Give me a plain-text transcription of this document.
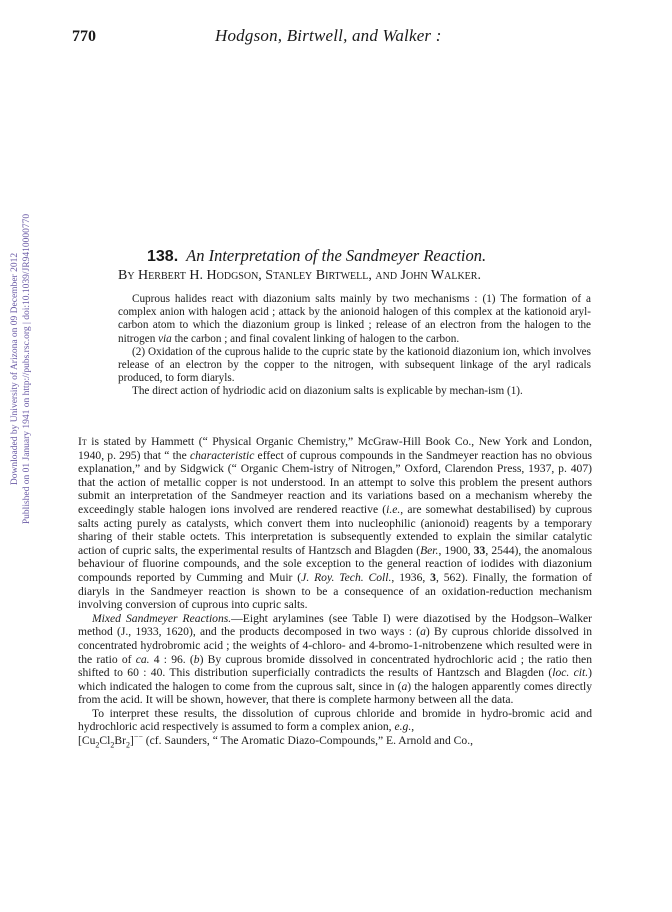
770	Hodgson, Birtwell, and Walker :
Downloaded by University of Arizona on 09 December 2012 Published on 01 January 1941 on http://pubs.rsc.org | doi:10.1039/JR9410000770	138. An Interpretation of the Sandmeyer Reaction.
By Herbert H. Hodgson, Stanley Birtwell, and John Walker.

Cuprous halides react with diazonium salts mainly by two mechanisms : (1) The formation of a complex anion with halogen acid ; attack by the anionoid halogen of this complex at the kationoid aryl-carbon atom to which the diazonium group is linked ; release of an electron from the halogen to the nitrogen via the carbon ; and final covalent linking of halogen to the carbon.

(2) Oxidation of the cuprous halide to the cupric state by the kationoid diazonium ion, which involves release of an electron by the copper to the nitrogen, with subsequent linkage of the aryl radicals produced, to form diaryls.

The direct action of hydriodic acid on diazonium salts is explicable by mechan-ism (1).

It is stated by Hammett (“ Physical Organic Chemistry,” McGraw-Hill Book Co., New York and London, 1940, p. 295) that “ the characteristic effect of cuprous compounds in the Sandmeyer reaction has no obvious explanation,” and by Sidgwick (“ Organic Chem-istry of Nitrogen,” Oxford, Clarendon Press, 1937, p. 407) that the action of metallic copper is not understood. In an attempt to solve this problem the present authors submit an interpretation of the Sandmeyer reaction and its variations based on a mechanism whereby the exceedingly stable halogen ions involved are rendered reactive (i.e., are somewhat destabilised) by cuprous salts acting purely as catalysts, which convert them into nucleophilic (anionoid) reagents by a temporary sharing of their stable octets. This interpretation is subsequently extended to explain the similar catalytic action of cupric salts, the experimental results of Hantzsch and Blagden (Ber., 1900, 33, 2544), the anomalous behaviour of fluorine compounds, and the sole exception to the general reaction of iodides with diazonium compounds reported by Cumming and Muir (J. Roy. Tech. Coll., 1936, 3, 562). Finally, the formation of diaryls in the Sandmeyer reaction is shown to be a consequence of an oxidation-reduction mechanism involving conversion of cuprous into cupric salts.

Mixed Sandmeyer Reactions.—Eight arylamines (see Table I) were diazotised by the Hodgson–Walker method (J., 1933, 1620), and the products decomposed in two ways : (a) By cuprous chloride dissolved in concentrated hydrobromic acid ; the weights of 4-chloro- and 4-bromo-1-nitrobenzene which resulted were in the ratio of ca. 4 : 96. (b) By cuprous bromide dissolved in concentrated hydrochloric acid ; the ratio then shifted to 60 : 40. This distribution superficially contradicts the results of Hantzsch and Blagden (loc. cit.) which indicated the halogen to come from the cuprous salt, since in (a) the halogen apparently comes directly from the acid. It will be shown, however, that there is complete harmony between all the data.

To interpret these results, the dissolution of cuprous chloride and bromide in hydro-bromic acid and hydrochloric acid respectively is assumed to form a complex anion, e.g.,
$[Cu_2Cl_2Br_2]^{--}$ (cf. Saunders, “ The Aromatic Diazo-Compounds,” E. Arnold and Co.,
